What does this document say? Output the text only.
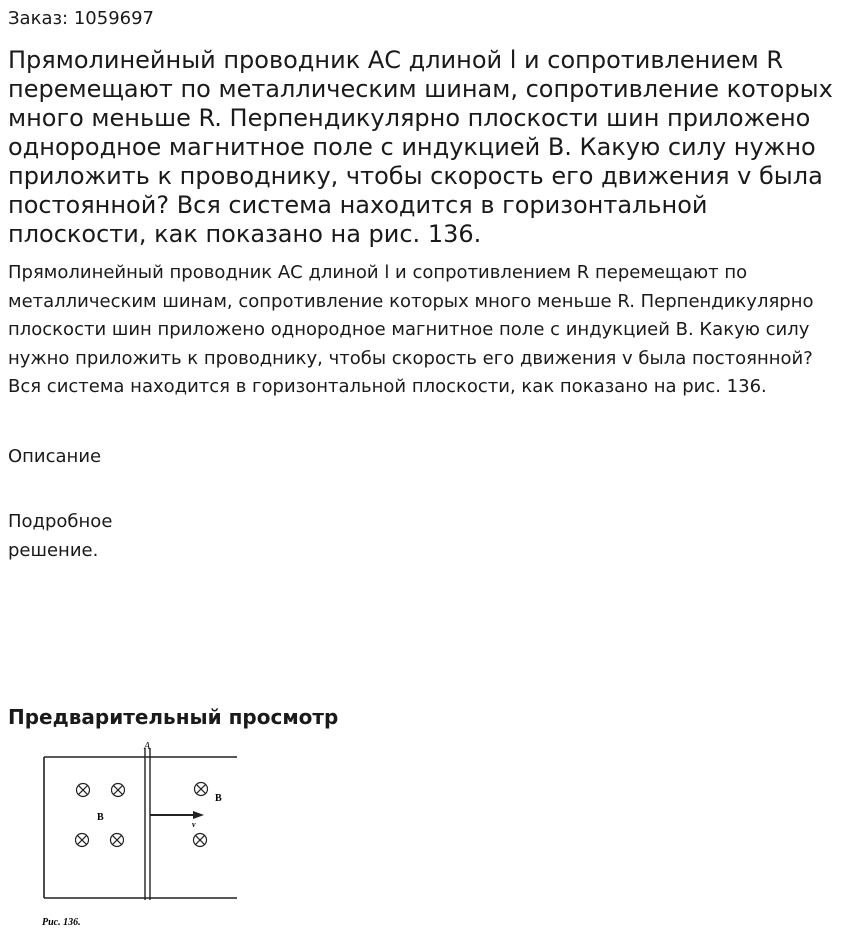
Заказ: 1059697
Прямолинейный проводник АС длиной l и сопротивлением R перемещают по металлическим шинам, сопротивление которых много меньше R. Перпендикулярно плоскости шин приложено однородное магнитное поле с индукцией В. Какую силу нужно приложить к проводнику, чтобы скорость его движения v была постоянной? Вся система находится в горизонтальной плоскости, как показано на рис. 136.

Прямолинейный проводник АС длиной l и сопротивлением R перемещают по металлическим шинам, сопротивление которых много меньше R. Перпендикулярно плоскости шин приложено однородное магнитное поле с индукцией В. Какую силу нужно приложить к проводнику, чтобы скорость его движения v была постоянной? Вся система находится в горизонтальной плоскости, как показано на рис. 136.

Описание
Подробное решение.
Предварительный просмотр
A
B
B
v
Рис. 136.
